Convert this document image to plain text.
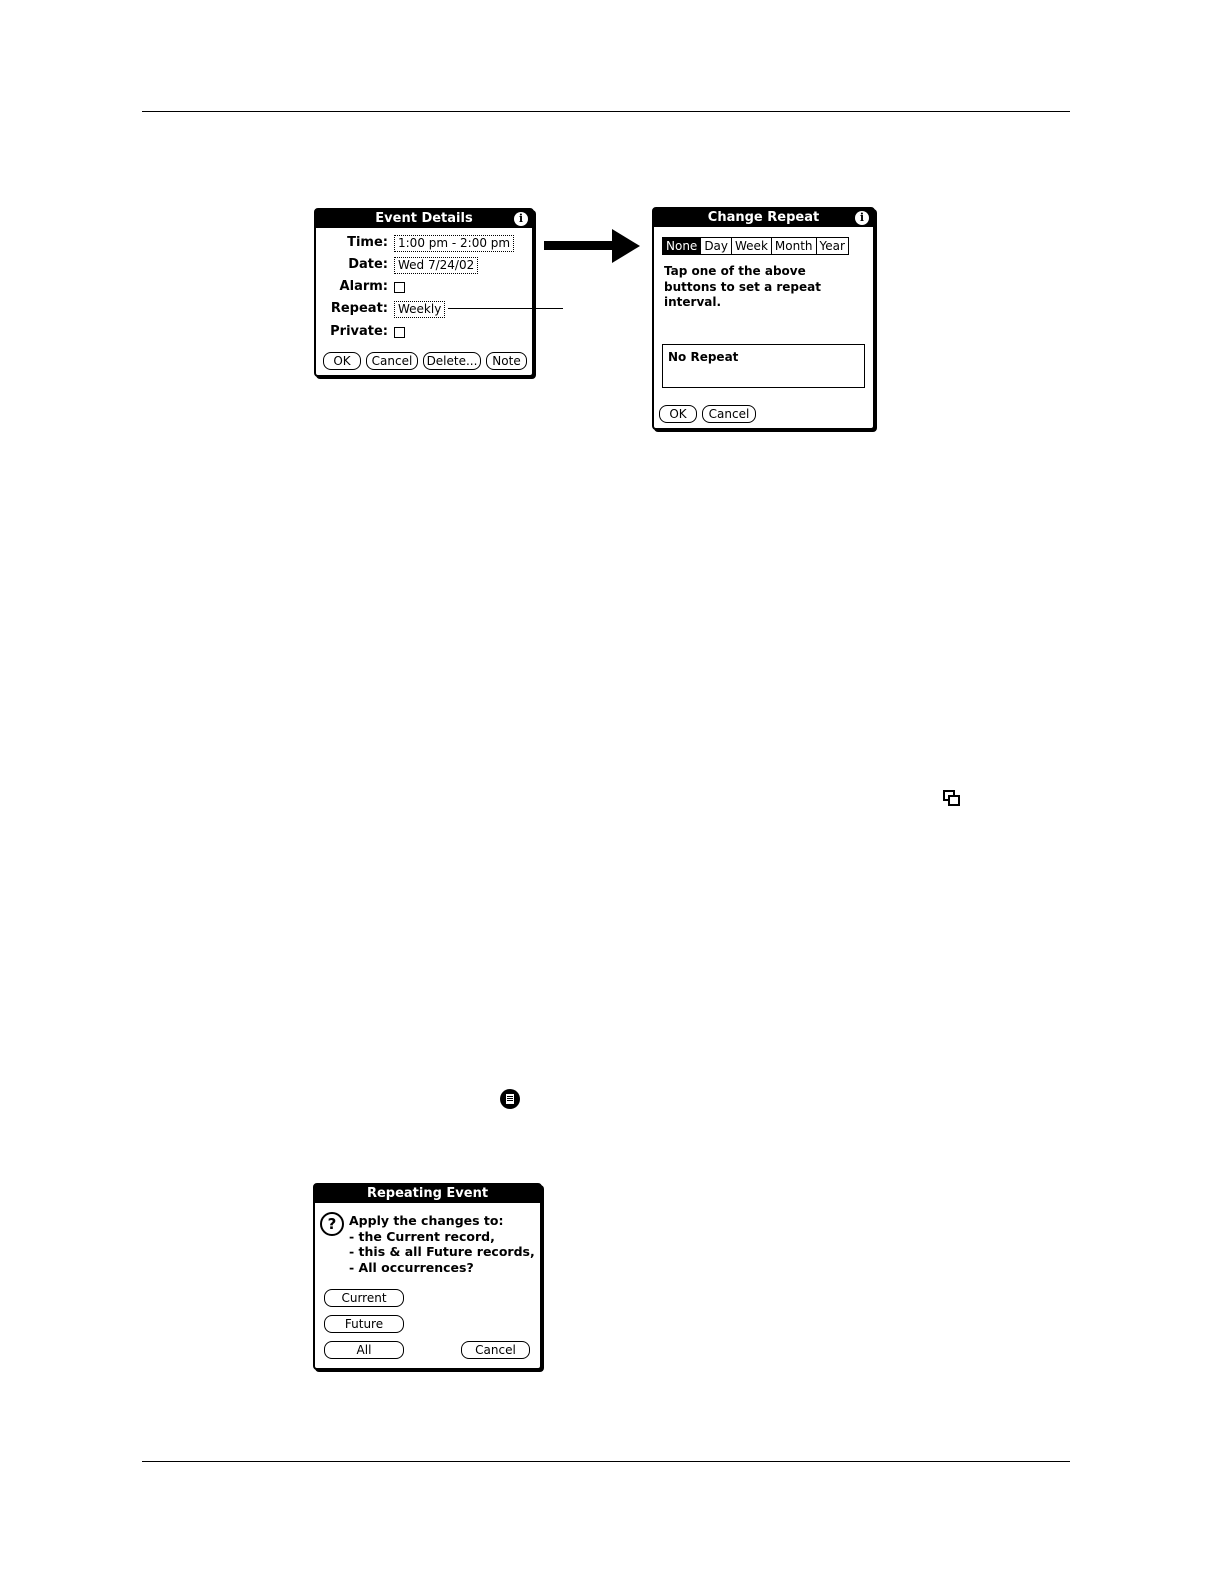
Event Details	i
Time: 1:00 pm - 2:00 pm
Date: Wed 7/24/02
Alarm:
Repeat: Weekly
Private:
OK	Cancel	Delete...	Note
Change Repeat	i
None Day Week Month Year
Tap one of the above
buttons to set a repeat
interval.
No Repeat
OK	Cancel
Repeating Event
?	Apply the changes to:
- the Current record,
- this & all Future records,
- All occurrences?
Current
Future
All	Cancel
